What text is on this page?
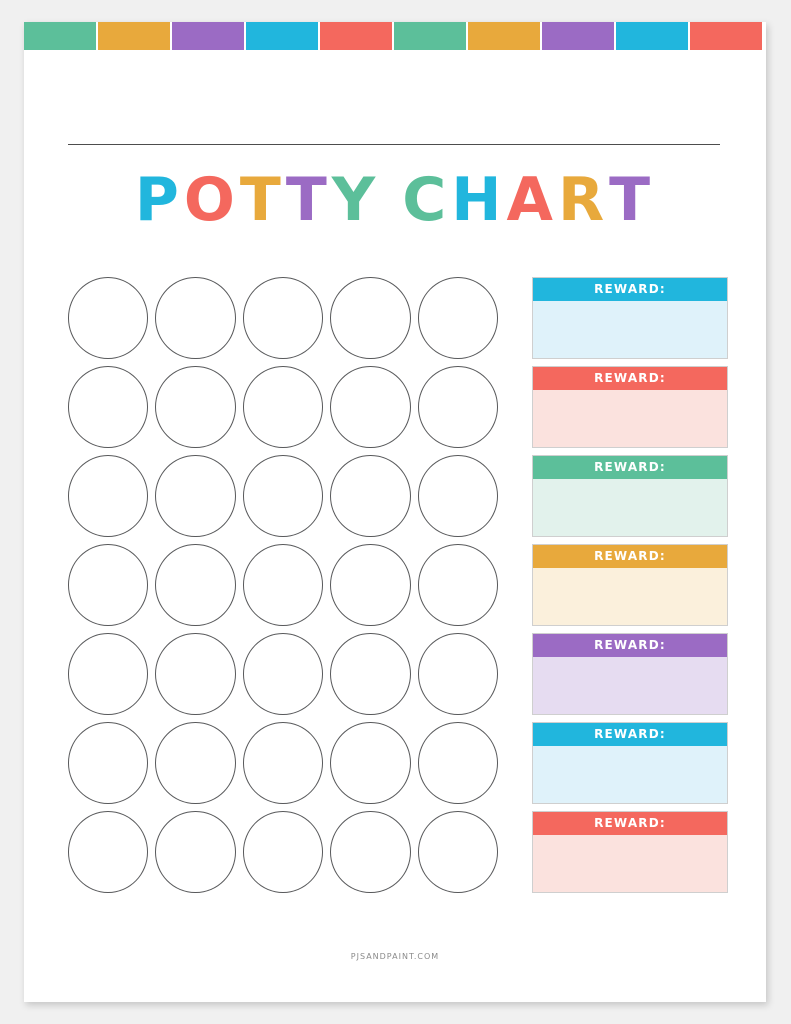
POTTY CHART
REWARD:
REWARD:
REWARD:
REWARD:
REWARD:
REWARD:
REWARD:
PJSANDPAINT.COM
